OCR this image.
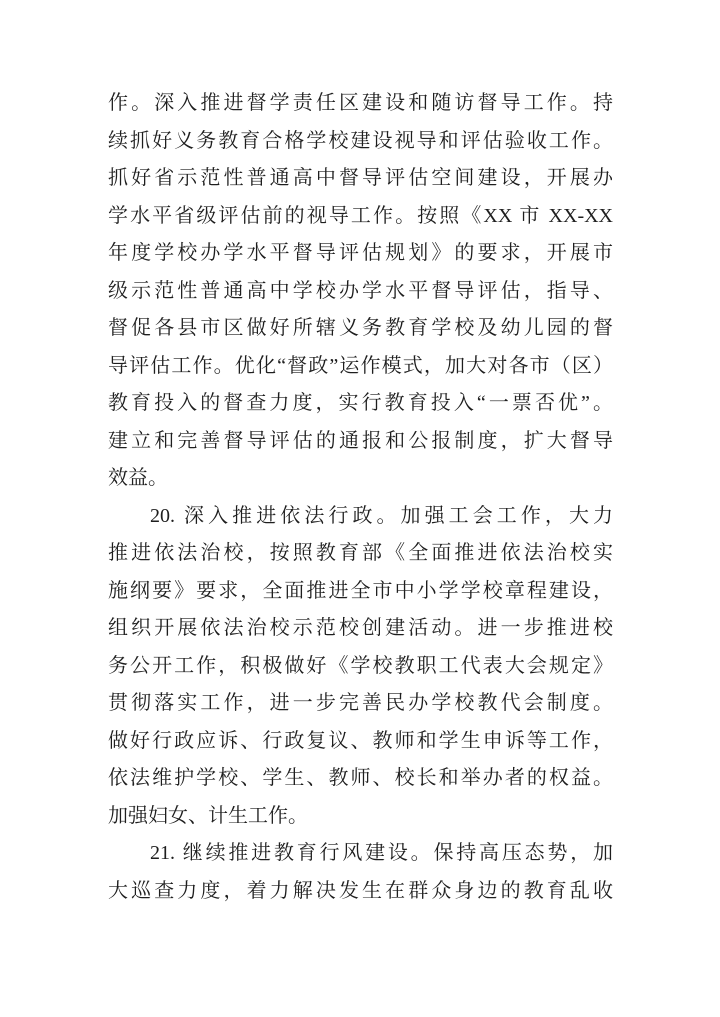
作。深入推进督学责任区建设和随访督导工作。持
续抓好义务教育合格学校建设视导和评估验收工作。
抓好省示范性普通高中督导评估空间建设，开展办
学水平省级评估前的视导工作。按照《XX 市 XX-XX
年度学校办学水平督导评估规划》的要求，开展市
级示范性普通高中学校办学水平督导评估，指导、
督促各县市区做好所辖义务教育学校及幼儿园的督
导评估工作。优化“督政”运作模式，加大对各市（区）
教育投入的督查力度，实行教育投入“一票否优”。
建立和完善督导评估的通报和公报制度，扩大督导
效益。
20. 深入推进依法行政。加强工会工作，大力
推进依法治校，按照教育部《全面推进依法治校实
施纲要》要求，全面推进全市中小学学校章程建设，
组织开展依法治校示范校创建活动。进一步推进校
务公开工作，积极做好《学校教职工代表大会规定》
贯彻落实工作，进一步完善民办学校教代会制度。
做好行政应诉、行政复议、教师和学生申诉等工作，
依法维护学校、学生、教师、校长和举办者的权益。
加强妇女、计生工作。
21. 继续推进教育行风建设。保持高压态势，加
大巡查力度，着力解决发生在群众身边的教育乱收
